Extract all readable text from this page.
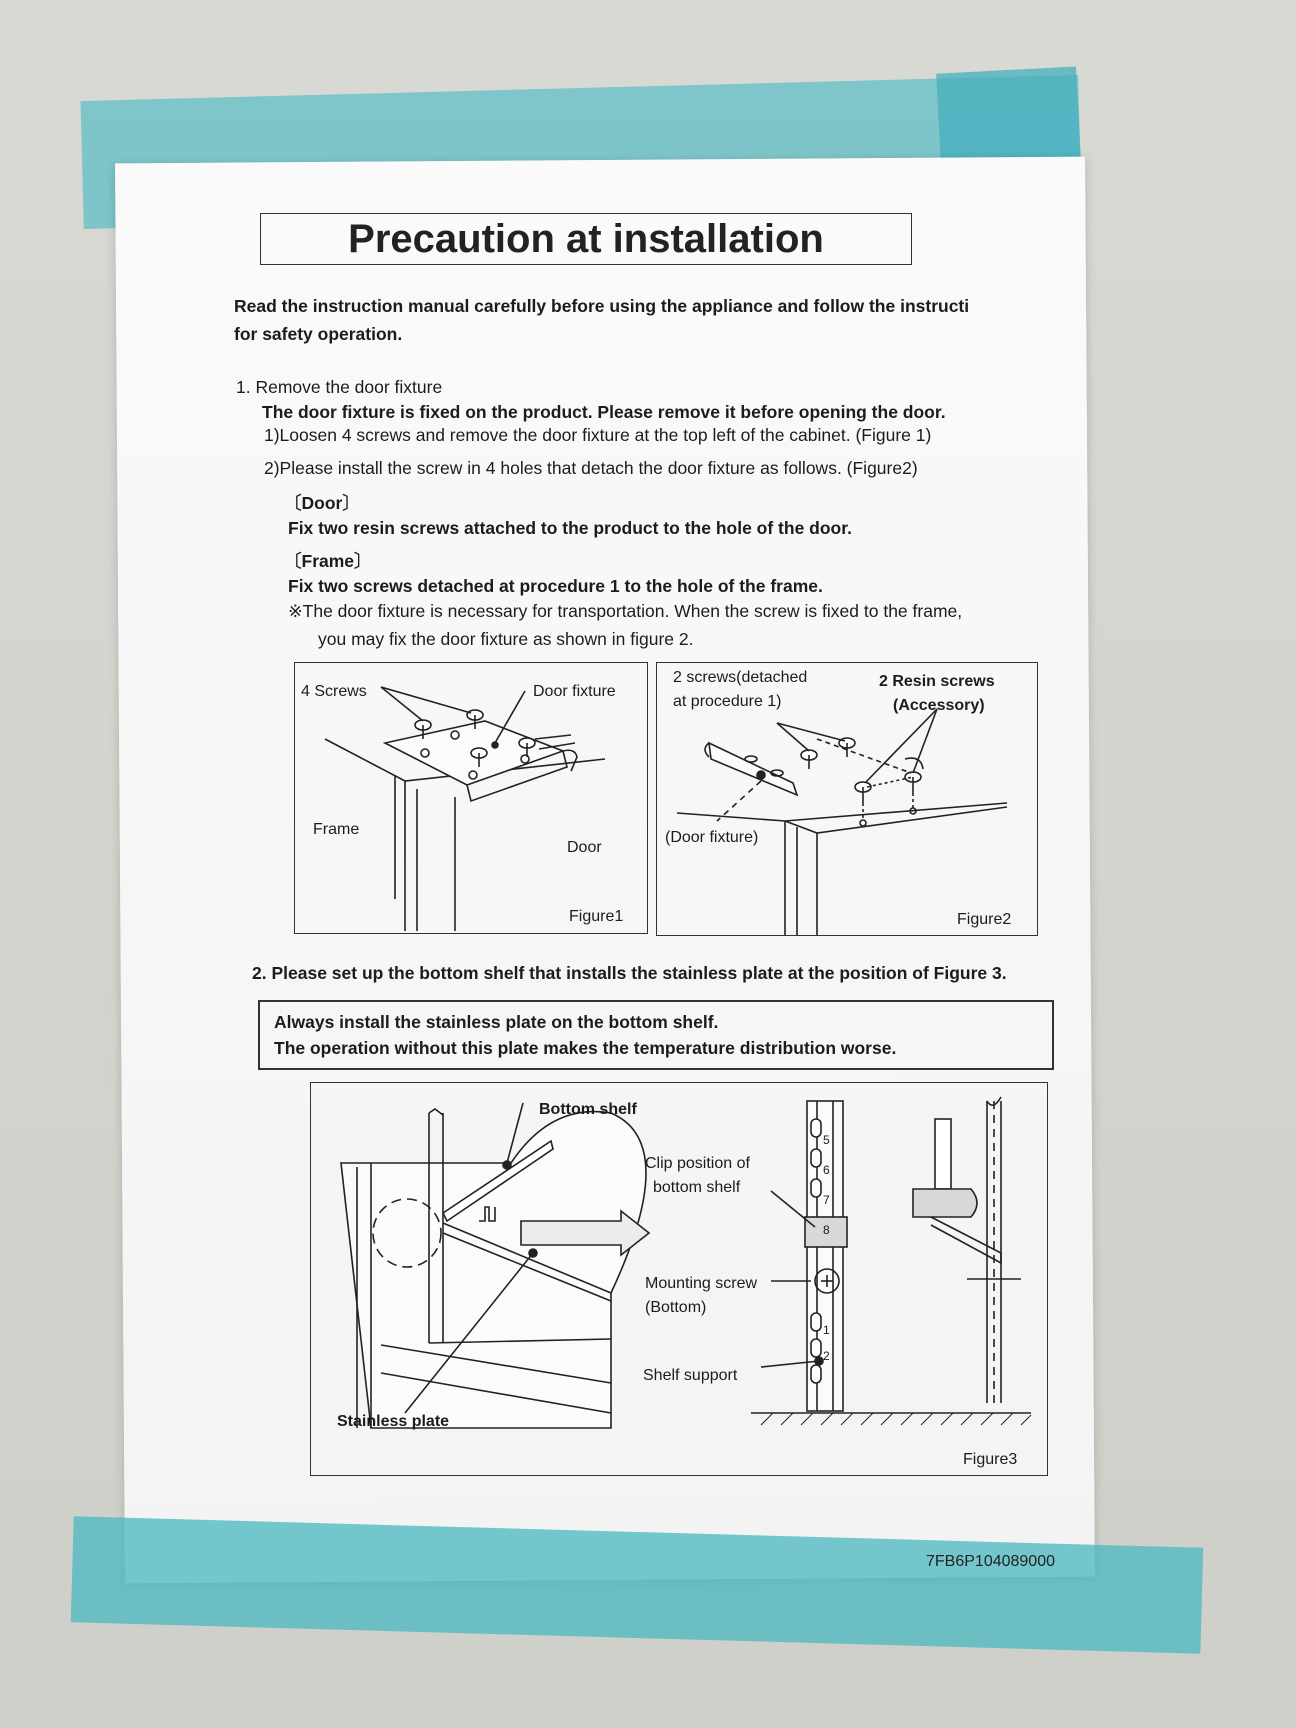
Precaution at installation
Read the instruction manual carefully before using the appliance and follow the instructi
for safety operation.
1. Remove the door fixture
The door fixture is fixed on the product. Please remove it before opening the door.
1)Loosen 4 screws and remove the door fixture at the top left of the cabinet. (Figure 1)
2)Please install the screw in 4 holes that detach the door fixture as follows. (Figure2)
〔Door〕
Fix two resin screws attached to the product to the hole of the door.
〔Frame〕
Fix two screws detached at procedure 1 to the hole of the frame.
※The door fixture is necessary for transportation. When the screw is fixed to the frame,
you may fix the door fixture as shown in figure 2.
4 Screws	Door fixture
Frame
Door
Figure1
2 screws(detached
at procedure 1)
2 Resin screws
(Accessory)
(Door fixture)
Figure2
2. Please set up the bottom shelf that installs the stainless plate at the position of Figure 3.
Always install the stainless plate on the bottom shelf.
The operation without this plate makes the temperature distribution worse.
Bottom shelf
Clip position of
bottom shelf
Mounting screw
(Bottom)
Shelf support
Stainless plate
Figure3
5
6
7
8
1
2
7FB6P104089000
